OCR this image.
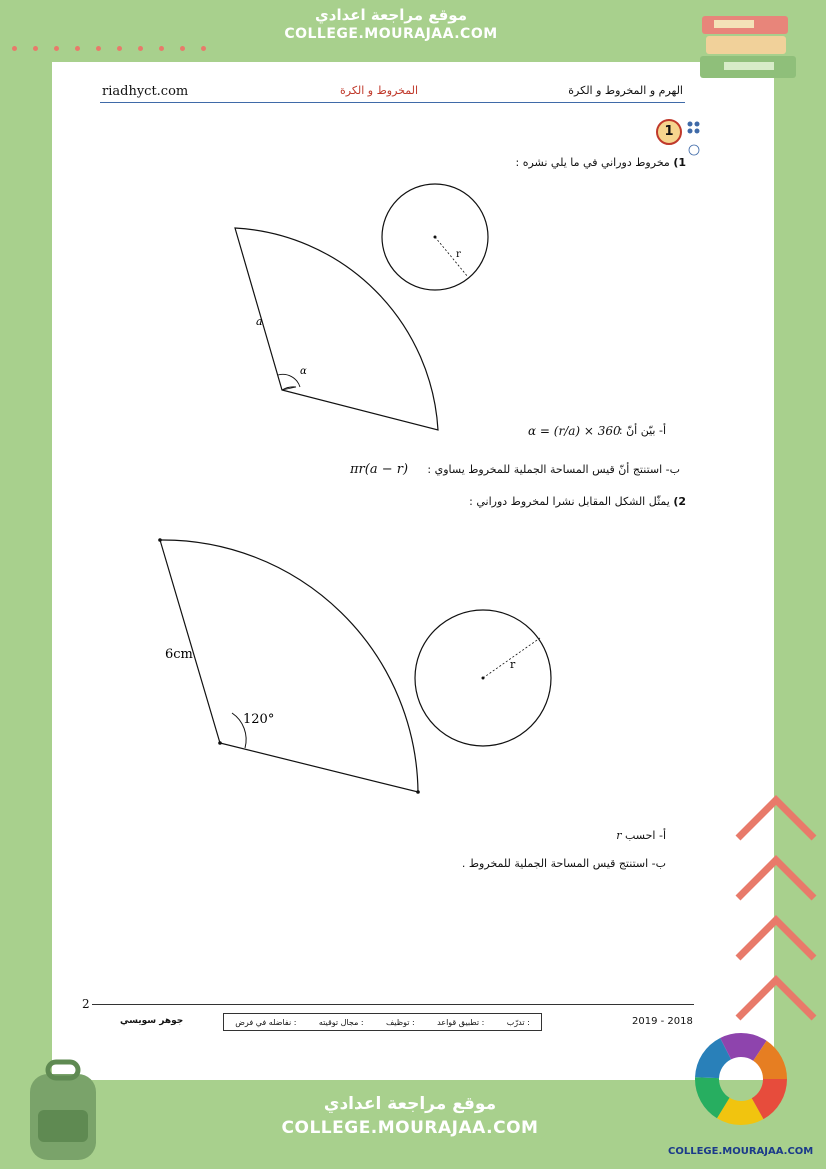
موقع مراجعة اعدادي
COLLEGE.MOURAJAA.COM
riadhyct.com	المخروط و الكرة	الهرم و المخروط و الكرة
1
1) مخروط دوراني في ما يلي نشره :
a
α
r
أ- بيّن أنّ :
α = (r/a) × 360
ب- استنتج أنّ قيس المساحة الجملية للمخروط يساوي :
πr(a − r)
2) يمثّل الشكل المقابل نشرا لمخروط دوراني :
6cm
120°
r
أ- احسب r
ب- استنتج قيس المساحة الجملية للمخروط .
2
جوهر سويسي	: تدرّب
: تطبيق قواعد
: توظيف
: مجال توقيته
: نفاضله في فرض	2019 - 2018
موقع مراجعة اعدادي
COLLEGE.MOURAJAA.COM
COLLEGE.MOURAJAA.COM
